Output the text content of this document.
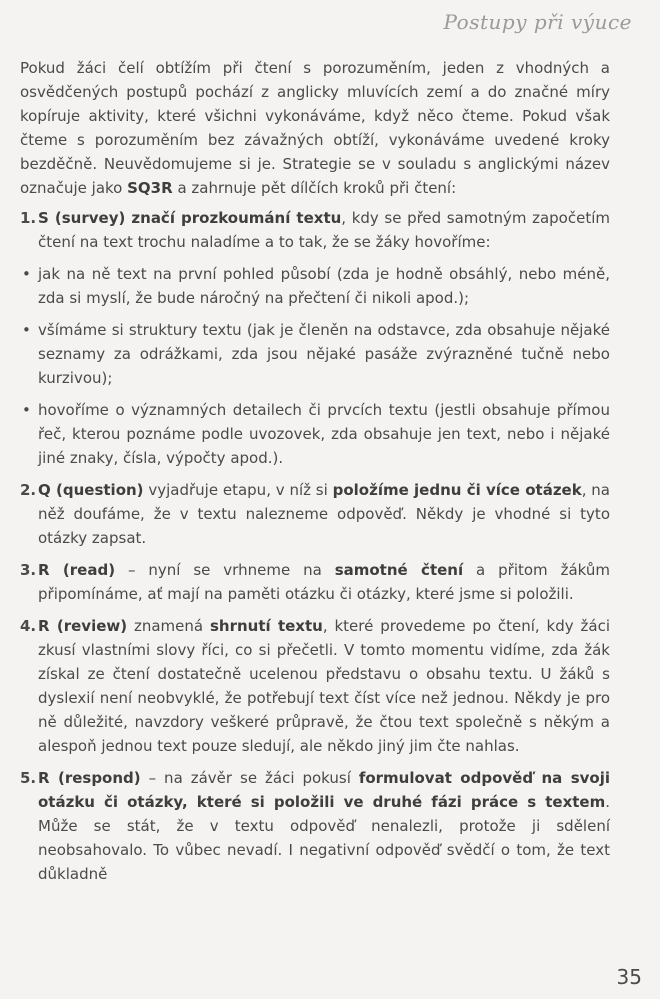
Postupy při výuce

Pokud žáci čelí obtížím při čtení s porozuměním, jeden z vhodných a osvědčených postupů pochází z anglicky mluvících zemí a do značné míry kopíruje aktivity, které všichni vykonáváme, když něco čteme. Pokud však čteme s porozuměním bez závažných obtíží, vykonáváme uvedené kroky bezděčně. Neuvědomujeme si je. Strategie se v souladu s anglickými název označuje jako SQ3R a zahrnuje pět dílčích kroků při čtení:

1. S (survey) značí prozkoumání textu, kdy se před samotným započetím čtení na text trochu naladíme a to tak, že se žáky hovoříme:
• jak na ně text na první pohled působí (zda je hodně obsáhlý, nebo méně, zda si myslí, že bude náročný na přečtení či nikoli apod.);
• všímáme si struktury textu (jak je členěn na odstavce, zda obsahuje nějaké seznamy za odrážkami, zda jsou nějaké pasáže zvýrazněné tučně nebo kurzivou);
• hovoříme o významných detailech či prvcích textu (jestli obsahuje přímou řeč, kterou poznáme podle uvozovek, zda obsahuje jen text, nebo i nějaké jiné znaky, čísla, výpočty apod.).
2. Q (question) vyjadřuje etapu, v níž si položíme jednu či více otázek, na něž doufáme, že v textu nalezneme odpověď. Někdy je vhodné si tyto otázky zapsat.
3. R (read) – nyní se vrhneme na samotné čtení a přitom žákům připomínáme, ať mají na paměti otázku či otázky, které jsme si položili.
4. R (review) znamená shrnutí textu, které provedeme po čtení, kdy žáci zkusí vlastními slovy říci, co si přečetli. V tomto momentu vidíme, zda žák získal ze čtení dostatečně ucelenou představu o obsahu textu. U žáků s dyslexií není neobvyklé, že potřebují text číst více než jednou. Někdy je pro ně důležité, navzdory veškeré průpravě, že čtou text společně s někým a alespoň jednou text pouze sledují, ale někdo jiný jim čte nahlas.
5. R (respond) – na závěr se žáci pokusí formulovat odpověď na svoji otázku či otázky, které si položili ve druhé fázi práce s textem. Může se stát, že v textu odpověď nenalezli, protože ji sdělení neobsahovalo. To vůbec nevadí. I negativní odpověď svědčí o tom, že text důkladně
35
